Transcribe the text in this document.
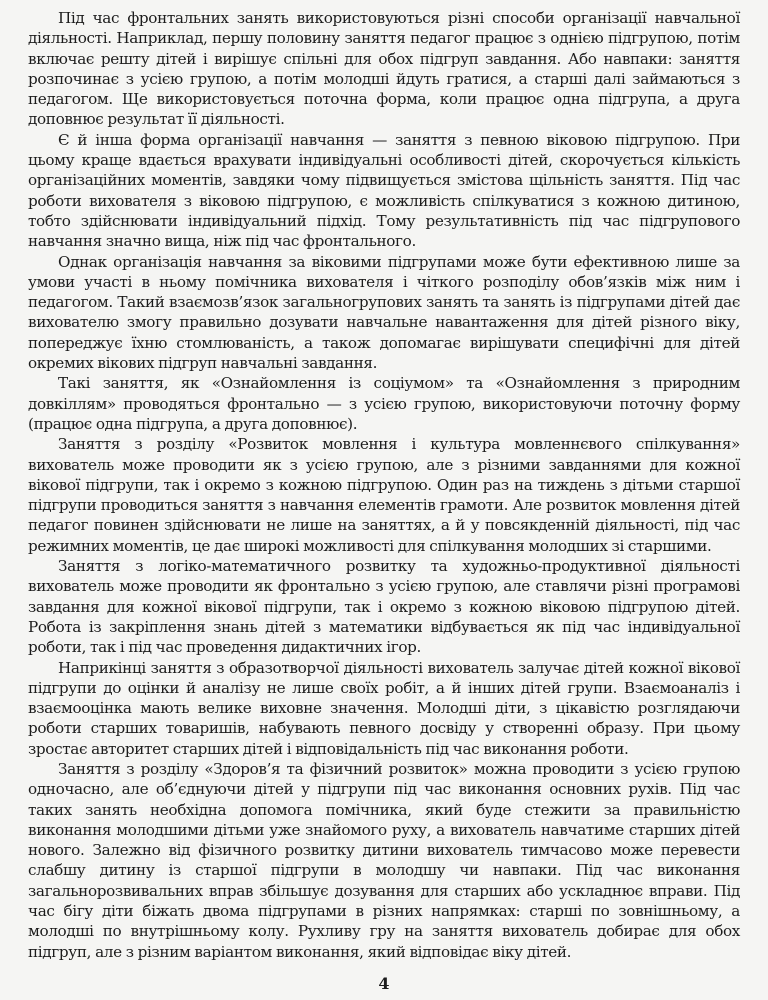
Під час фронтальних занять використовуються різні способи організації навчальної діяльності. Наприклад, першу половину заняття педагог працює з однією підгрупою, потім включає решту дітей і вирішує спільні для обох підгруп завдання. Або навпаки: заняття розпочинає з усією групою, а потім молодші йдуть гратися, а старші далі займаються з педагогом. Ще використовується поточна форма, коли працює одна підгрупа, а друга доповнює результат її діяльності.

Є й інша форма організації навчання — заняття з певною віковою підгрупою. При цьому краще вдається врахувати індивідуальні особливості дітей, скорочується кількість організаційних моментів, завдяки чому підвищується змістова щільність заняття. Під час роботи вихователя з віковою підгрупою, є можливість спілкуватися з кожною дитиною, тобто здійснювати індивідуальний підхід. Тому результативність під час підгрупового навчання значно вища, ніж під час фронтального.

Однак організація навчання за віковими підгрупами може бути ефективною лише за умови участі в ньому помічника вихователя і чіткого розподілу обов’язків між ним і педагогом. Такий взаємозв’язок загальногрупових занять та занять із підгрупами дітей дає вихователю змогу правильно дозувати навчальне навантаження для дітей різного віку, попереджує їхню стомлюваність, а також допомагає вирішувати специфічні для дітей окремих вікових підгруп навчальні завдання.

Такі заняття, як «Ознайомлення із соціумом» та «Ознайомлення з природним довкіллям» проводяться фронтально — з усією групою, використовуючи поточну форму (працює одна підгрупа, а друга доповнює).

Заняття з розділу «Розвиток мовлення і культура мовленнєвого спілкування» вихователь може проводити як з усією групою, але з різними завданнями для кожної вікової підгрупи, так і окремо з кожною підгрупою. Один раз на тиждень з дітьми старшої підгрупи проводиться заняття з навчання елементів грамоти. Але розвиток мовлення дітей педагог повинен здійснювати не лише на заняттях, а й у повсякденній діяльності, під час режимних моментів, це дає широкі можливості для спілкування молодших зі старшими.

Заняття з логіко-математичного розвитку та художньо-продуктивної діяльності вихователь може проводити як фронтально з усією групою, але ставлячи різні програмові завдання для кожної вікової підгрупи, так і окремо з кожною віковою підгрупою дітей. Робота із закріплення знань дітей з математики відбувається як під час індивідуальної роботи, так і під час проведення дидактичних ігор.

Наприкінці заняття з образотворчої діяльності вихователь залучає дітей кожної вікової підгрупи до оцінки й аналізу не лише своїх робіт, а й інших дітей групи. Взаємоаналіз і взаємооцінка мають велике виховне значення. Молодші діти, з цікавістю розглядаючи роботи старших товаришів, набувають певного досвіду у створенні образу. При цьому зростає авторитет старших дітей і відповідальність під час виконання роботи.

Заняття з розділу «Здоров’я та фізичний розвиток» можна проводити з усією групою одночасно, але об’єднуючи дітей у підгрупи під час виконання основних рухів. Під час таких занять необхідна допомога помічника, який буде стежити за правильністю виконання молодшими дітьми уже знайомого руху, а вихователь навчатиме старших дітей нового. Залежно від фізичного розвитку дитини вихователь тимчасово може перевести слабшу дитину із старшої підгрупи в молодшу чи навпаки. Під час виконання загальнорозвивальних вправ збільшує дозування для старших або ускладнює вправи. Під час бігу діти біжать двома підгрупами в різних напрямках: старші по зовнішньому, а молодші по внутрішньому колу. Рухливу гру на заняття вихователь добирає для обох підгруп, але з різним варіантом виконання, який відповідає віку дітей.

4
